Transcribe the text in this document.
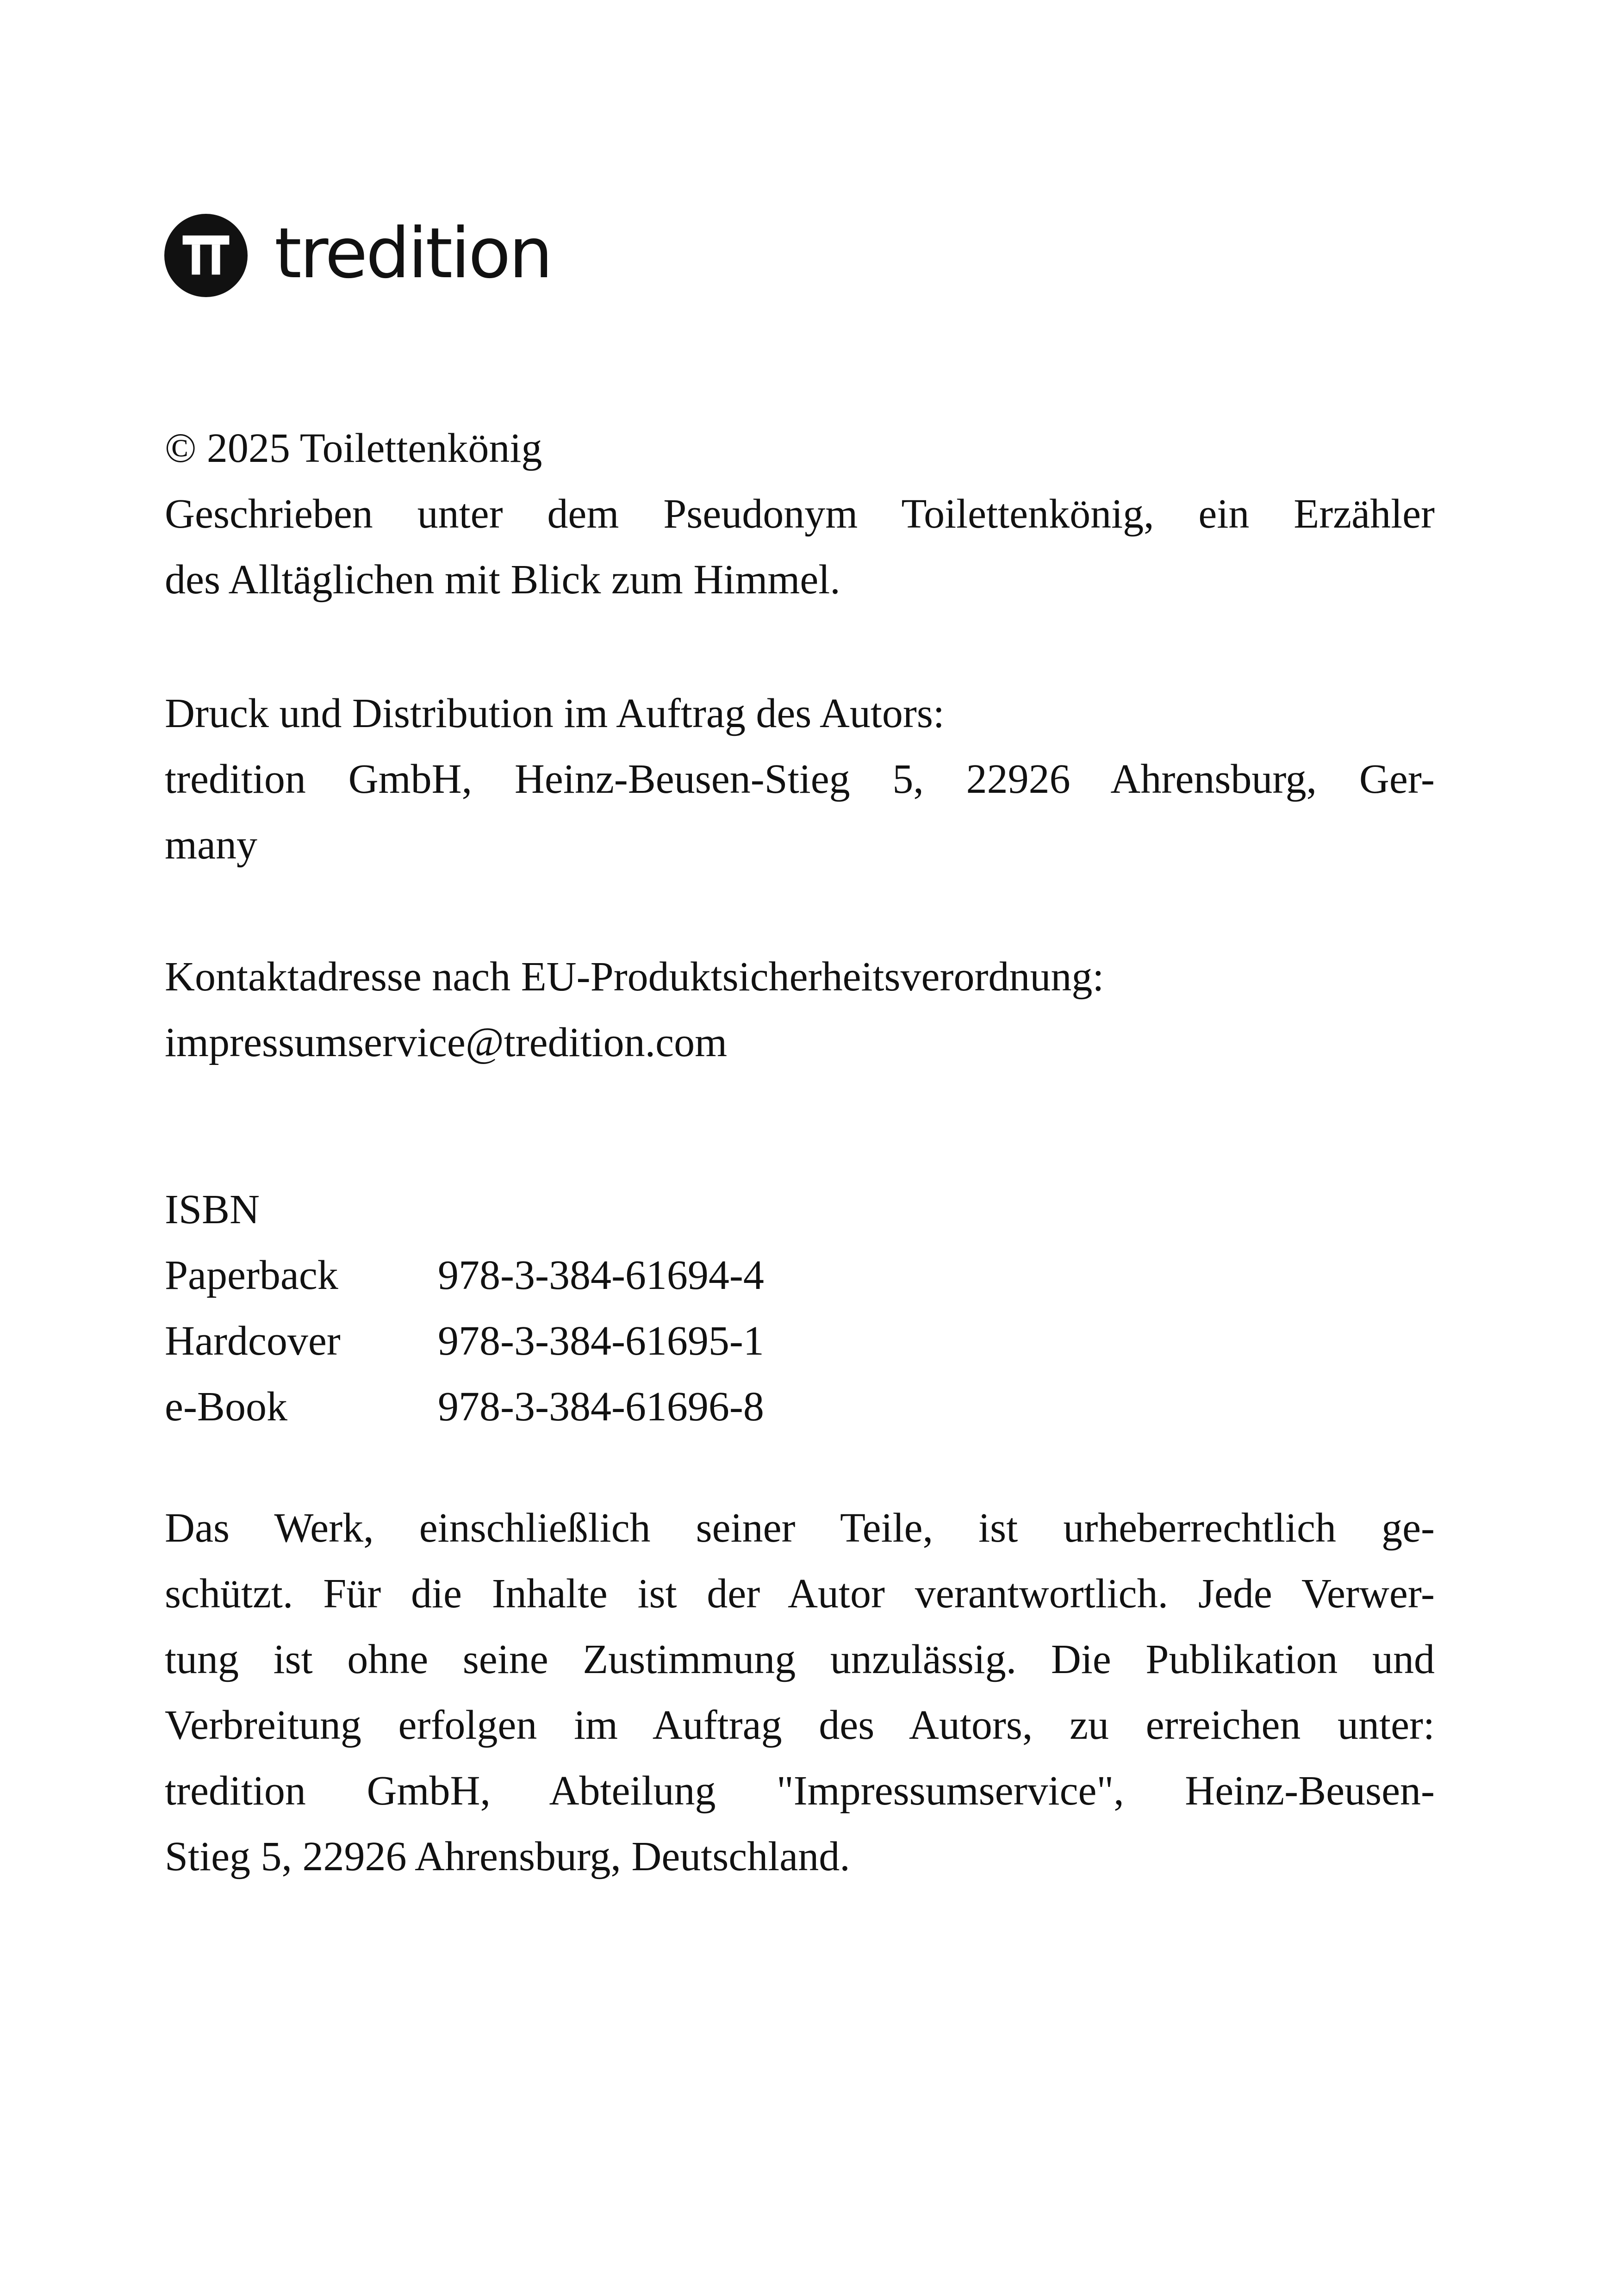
tredition
© 2025 Toilettenkönig
Geschrieben unter dem Pseudonym Toilettenkönig, ein Erzähler
des Alltäglichen mit Blick zum Himmel.
Druck und Distribution im Auftrag des Autors:
tredition GmbH, Heinz-Beusen-Stieg 5, 22926 Ahrensburg, Ger-
many
Kontaktadresse nach EU-Produktsicherheitsverordnung:
impressumservice@tredition.com
ISBN
Paperback	978-3-384-61694-4
Hardcover	978-3-384-61695-1
e-Book	978-3-384-61696-8
Das Werk, einschließlich seiner Teile, ist urheberrechtlich ge-
schützt. Für die Inhalte ist der Autor verantwortlich. Jede Verwer-
tung ist ohne seine Zustimmung unzulässig. Die Publikation und
Verbreitung erfolgen im Auftrag des Autors, zu erreichen unter:
tredition GmbH, Abteilung "Impressumservice", Heinz-Beusen-
Stieg 5, 22926 Ahrensburg, Deutschland.
